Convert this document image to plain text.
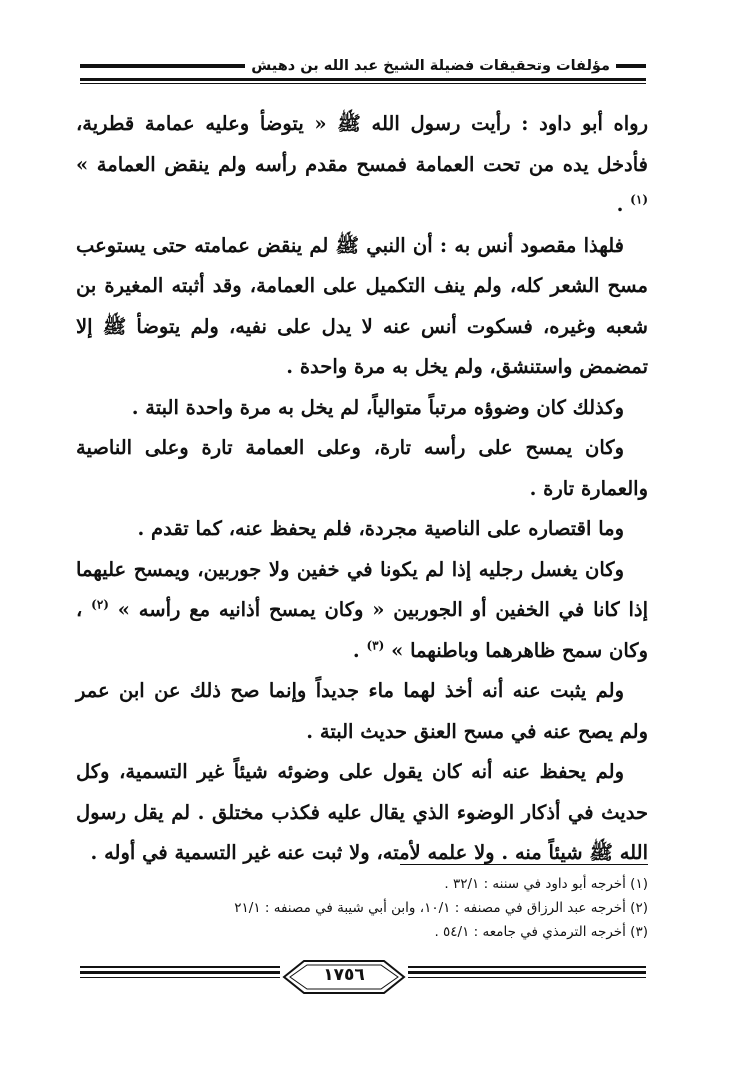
مؤلفات وتحقيقات فضيلة الشيخ عبد الله بن دهيش

رواه أبو داود : رأيت رسول الله ﷺ « يتوضأ وعليه عمامة قطرية، فأدخل يده من تحت العمامة فمسح مقدم رأسه ولم ينقض العمامة » $^{(١)}$ .

فلهذا مقصود أنس به : أن النبي ﷺ لم ينقض عمامته حتى يستوعب مسح الشعر كله، ولم ينف التكميل على العمامة، وقد أثبته المغيرة بن شعبه وغيره، فسكوت أنس عنه لا يدل على نفيه، ولم يتوضأ ﷺ إلا تمضمض واستنشق، ولم يخل به مرة واحدة .

وكذلك كان وضوؤه مرتباً متوالياً، لم يخل به مرة واحدة البتة .

وكان يمسح على رأسه تارة، وعلى العمامة تارة وعلى الناصية والعمارة تارة .

وما اقتصاره على الناصية مجردة، فلم يحفظ عنه، كما تقدم .

وكان يغسل رجليه إذا لم يكونا في خفين ولا جوربين، ويمسح عليهما إذا كانا في الخفين أو الجوربين « وكان يمسح أذانيه مع رأسه » $^{(٢)}$ ، وكان سمح ظاهرهما وباطنهما » $^{(٣)}$ .

ولم يثبت عنه أنه أخذ لهما ماء جديداً وإنما صح ذلك عن ابن عمر ولم يصح عنه في مسح العنق حديث البتة .

ولم يحفظ عنه أنه كان يقول على وضوئه شيئاً غير التسمية، وكل حديث في أذكار الوضوء الذي يقال عليه فكذب مختلق . لم يقل رسول الله ﷺ شيئاً منه . ولا علمه لأمته، ولا ثبت عنه غير التسمية في أوله .

(١) أخرجه أبو داود في سننه : ٣٢/١ .
(٢) أخرجه عبد الرزاق في مصنفه : ١٠/١، وابن أبي شيبة في مصنفه : ٢١/١
(٣) أخرجه الترمذي في جامعه : ٥٤/١ .
١٧٥٦
